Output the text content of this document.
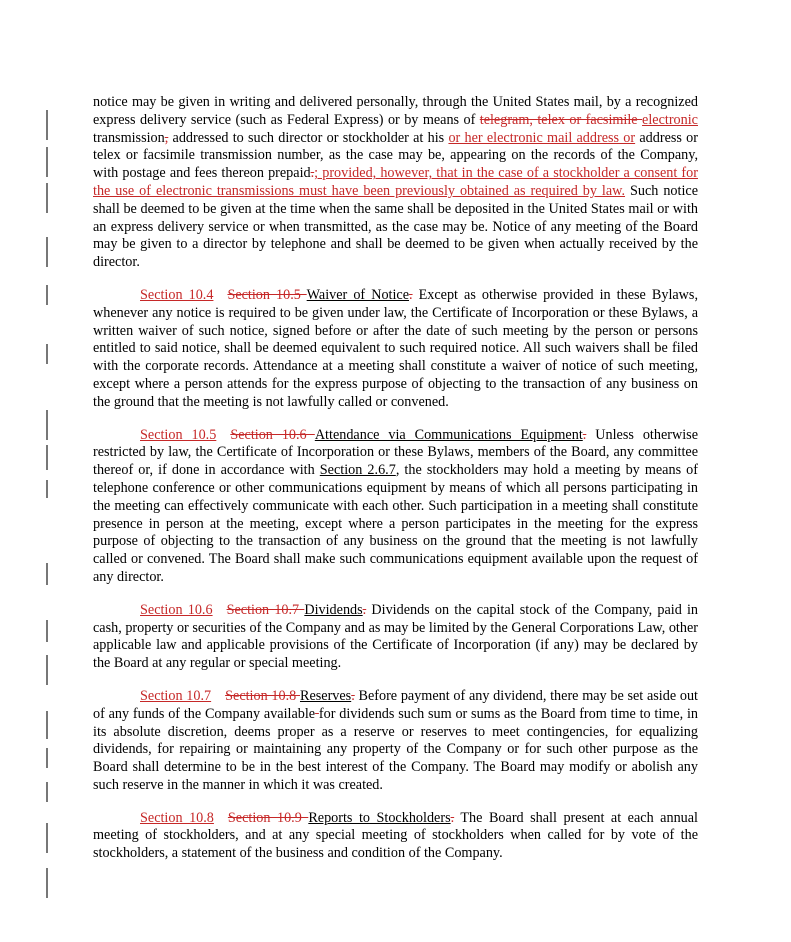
notice may be given in writing and delivered personally, through the United States mail, by a recognized express delivery service (such as Federal Express) or by means of telegram, telex or facsimile electronic transmission, addressed to such director or stockholder at his or her electronic mail address or address or telex or facsimile transmission number, as the case may be, appearing on the records of the Company, with postage and fees thereon prepaid.; provided, however, that in the case of a stockholder a consent for the use of electronic transmissions must have been previously obtained as required by law. Such notice shall be deemed to be given at the time when the same shall be deposited in the United States mail or with an express delivery service or when transmitted, as the case may be. Notice of any meeting of the Board may be given to a director by telephone and shall be deemed to be given when actually received by the director.

Section 10.4 Section 10.5 Waiver of Notice. Except as otherwise provided in these Bylaws, whenever any notice is required to be given under law, the Certificate of Incorporation or these Bylaws, a written waiver of such notice, signed before or after the date of such meeting by the person or persons entitled to said notice, shall be deemed equivalent to such required notice. All such waivers shall be filed with the corporate records. Attendance at a meeting shall constitute a waiver of notice of such meeting, except where a person attends for the express purpose of objecting to the transaction of any business on the ground that the meeting is not lawfully called or convened.

Section 10.5 Section 10.6 Attendance via Communications Equipment. Unless otherwise restricted by law, the Certificate of Incorporation or these Bylaws, members of the Board, any committee thereof or, if done in accordance with Section 2.6.7, the stockholders may hold a meeting by means of telephone conference or other communications equipment by means of which all persons participating in the meeting can effectively communicate with each other. Such participation in a meeting shall constitute presence in person at the meeting, except where a person participates in the meeting for the express purpose of objecting to the transaction of any business on the ground that the meeting is not lawfully called or convened. The Board shall make such communications equipment available upon the request of any director.

Section 10.6 Section 10.7 Dividends. Dividends on the capital stock of the Company, paid in cash, property or securities of the Company and as may be limited by the General Corporations Law, other applicable law and applicable provisions of the Certificate of Incorporation (if any) may be declared by the Board at any regular or special meeting.

Section 10.7 Section 10.8 Reserves. Before payment of any dividend, there may be set aside out of any funds of the Company available for dividends such sum or sums as the Board from time to time, in its absolute discretion, deems proper as a reserve or reserves to meet contingencies, for equalizing dividends, for repairing or maintaining any property of the Company or for such other purpose as the Board shall determine to be in the best interest of the Company. The Board may modify or abolish any such reserve in the manner in which it was created.

Section 10.8 Section 10.9 Reports to Stockholders. The Board shall present at each annual meeting of stockholders, and at any special meeting of stockholders when called for by vote of the stockholders, a statement of the business and condition of the Company.
